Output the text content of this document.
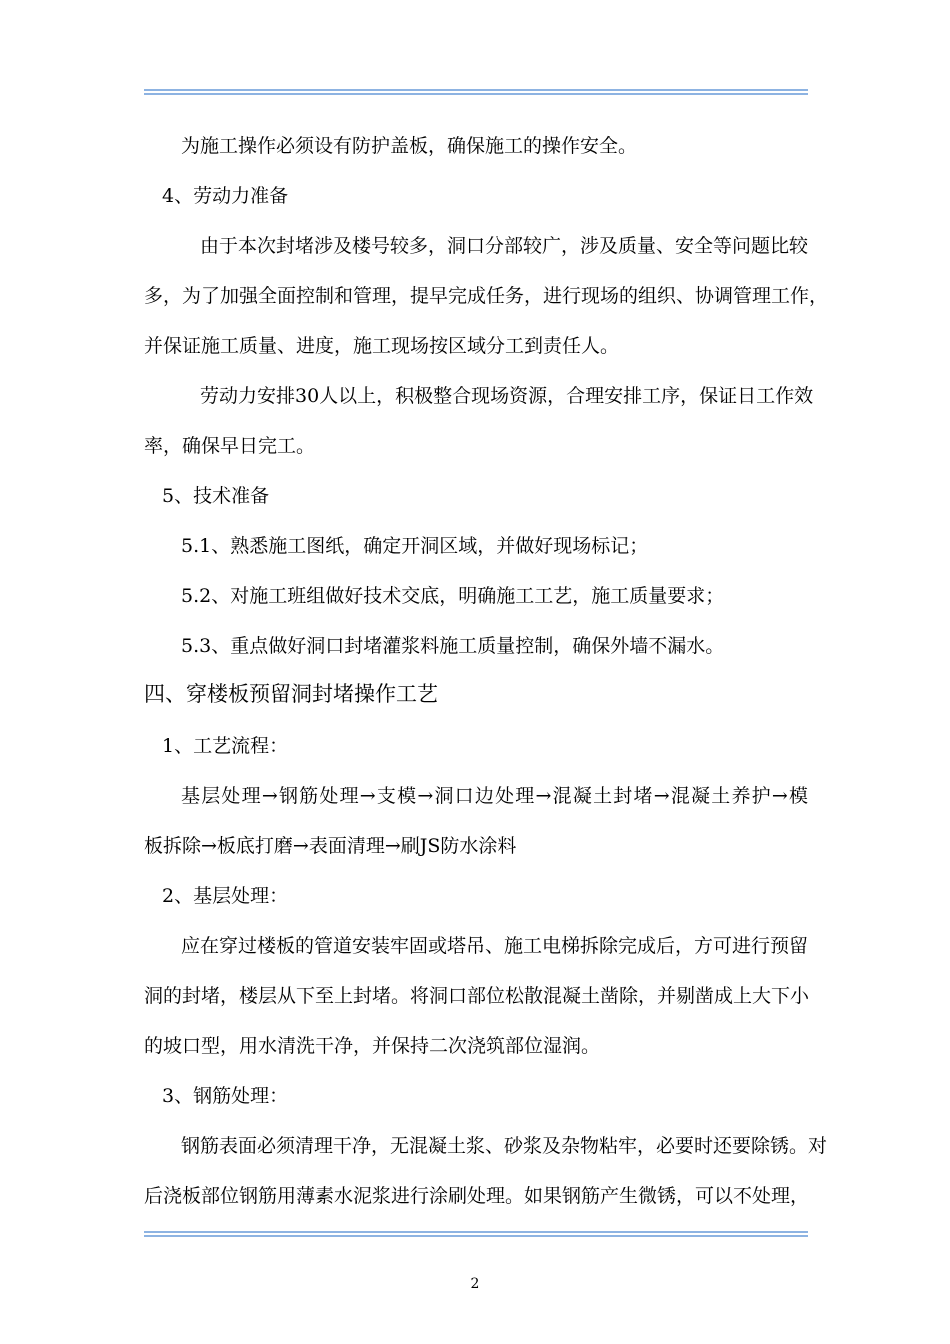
为施工操作必须设有防护盖板，确保施工的操作安全。
4、劳动力准备
由于本次封堵涉及楼号较多，洞口分部较广，涉及质量、安全等问题比较
多，为了加强全面控制和管理，提早完成任务，进行现场的组织、协调管理工作，
并保证施工质量、进度，施工现场按区域分工到责任人。
劳动力安排30人以上，积极整合现场资源，合理安排工序，保证日工作效
率，确保早日完工。
5、技术准备
5.1、熟悉施工图纸，确定开洞区域，并做好现场标记；
5.2、对施工班组做好技术交底，明确施工工艺，施工质量要求；
5.3、重点做好洞口封堵灌浆料施工质量控制，确保外墙不漏水。
四、穿楼板预留洞封堵操作工艺
1、工艺流程：
基层处理→钢筋处理→支模→洞口边处理→混凝土封堵→混凝土养护→模
板拆除→板底打磨→表面清理→刷JS防水涂料
2、基层处理：
应在穿过楼板的管道安装牢固或塔吊、施工电梯拆除完成后，方可进行预留
洞的封堵，楼层从下至上封堵。将洞口部位松散混凝土凿除，并剔凿成上大下小
的坡口型，用水清洗干净，并保持二次浇筑部位湿润。
3、钢筋处理：
钢筋表面必须清理干净，无混凝土浆、砂浆及杂物粘牢，必要时还要除锈。对
后浇板部位钢筋用薄素水泥浆进行涂刷处理。如果钢筋产生微锈，可以不处理，
2
